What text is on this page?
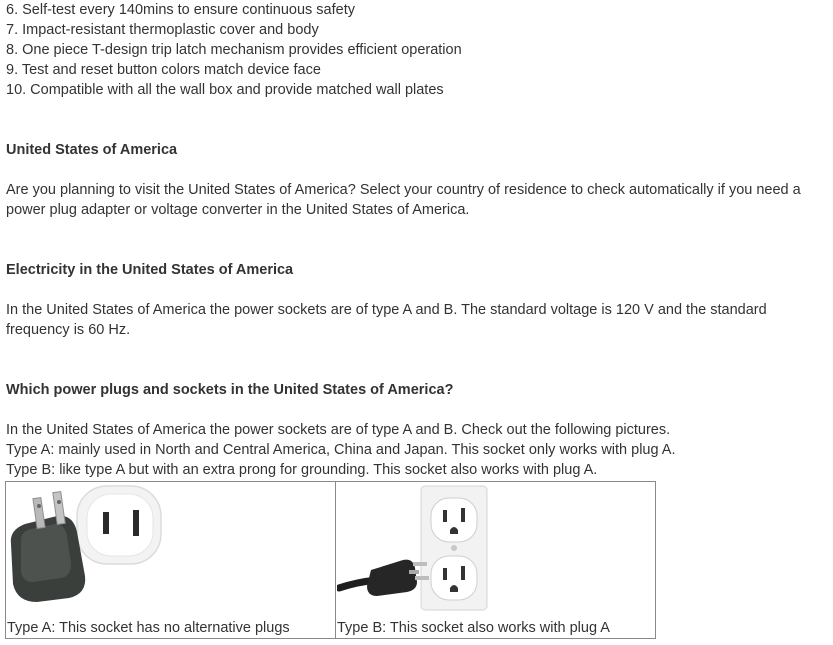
6. Self-test every 140mins to ensure continuous safety
7. Impact-resistant thermoplastic cover and body
8. One piece T-design trip latch mechanism provides efficient operation
9. Test and reset button colors match device face
10. Compatible with all the wall box and provide matched wall plates
United States of America
Are you planning to visit the United States of America? Select your country of residence to check automatically if you need a power plug adapter or voltage converter in the United States of America.
Electricity in the United States of America
In the United States of America the power sockets are of type A and B. The standard voltage is 120 V and the standard frequency is 60 Hz.
Which power plugs and sockets in the United States of America?
In the United States of America the power sockets are of type A and B. Check out the following pictures.
Type A: mainly used in North and Central America, China and Japan. This socket only works with plug A.
Type B: like type A but with an extra prong for grounding. This socket also works with plug A.
Type A: This socket has no alternative plugs	Type B: This socket also works with plug A
